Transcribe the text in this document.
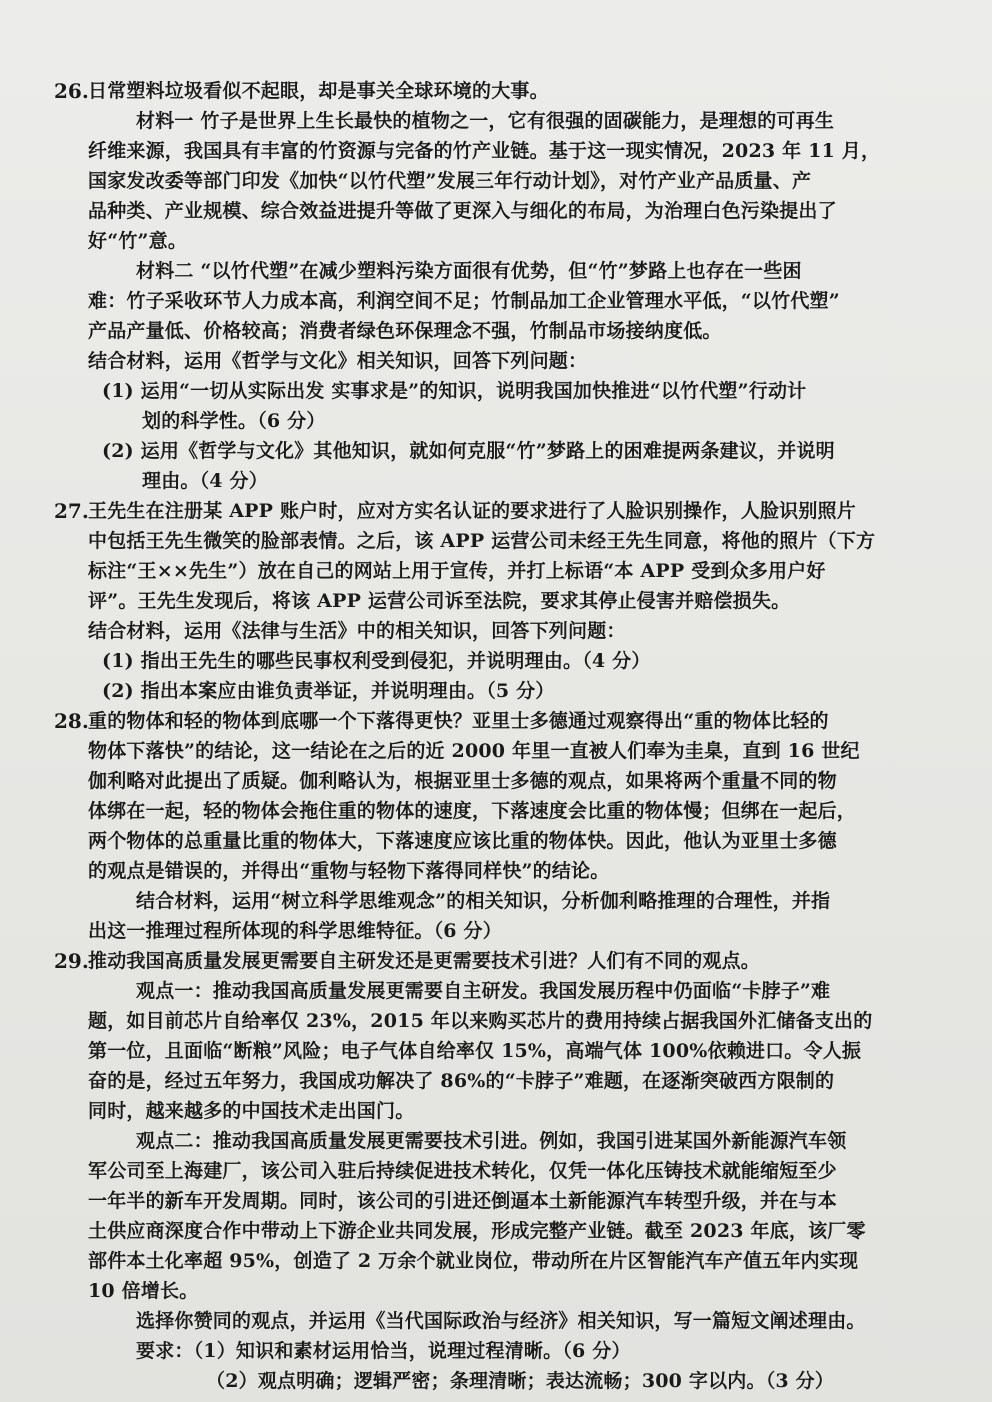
26. 日常塑料垃圾看似不起眼，却是事关全球环境的大事。
材料一 竹子是世界上生长最快的植物之一，它有很强的固碳能力，是理想的可再生
纤维来源，我国具有丰富的竹资源与完备的竹产业链。基于这一现实情况，2023 年 11 月，
国家发改委等部门印发《加快“以竹代塑”发展三年行动计划》，对竹产业产品质量、产
品种类、产业规模、综合效益进提升等做了更深入与细化的布局，为治理白色污染提出了
好“竹”意。
材料二 “以竹代塑”在减少塑料污染方面很有优势，但“竹”梦路上也存在一些困
难：竹子采收环节人力成本高，利润空间不足；竹制品加工企业管理水平低，“以竹代塑”
产品产量低、价格较高；消费者绿色环保理念不强，竹制品市场接纳度低。
结合材料，运用《哲学与文化》相关知识，回答下列问题：
(1) 运用“一切从实际出发 实事求是”的知识，说明我国加快推进“以竹代塑”行动计
划的科学性。（6 分）
(2) 运用《哲学与文化》其他知识，就如何克服“竹”梦路上的困难提两条建议，并说明
理由。（4 分）
27. 王先生在注册某 APP 账户时，应对方实名认证的要求进行了人脸识别操作，人脸识别照片
中包括王先生微笑的脸部表情。之后，该 APP 运营公司未经王先生同意，将他的照片（下方
标注“王××先生”）放在自己的网站上用于宣传，并打上标语“本 APP 受到众多用户好
评”。王先生发现后，将该 APP 运营公司诉至法院，要求其停止侵害并赔偿损失。
结合材料，运用《法律与生活》中的相关知识，回答下列问题：
(1) 指出王先生的哪些民事权利受到侵犯，并说明理由。（4 分）
(2) 指出本案应由谁负责举证，并说明理由。（5 分）
28. 重的物体和轻的物体到底哪一个下落得更快？亚里士多德通过观察得出“重的物体比轻的
物体下落快”的结论，这一结论在之后的近 2000 年里一直被人们奉为圭臬，直到 16 世纪
伽利略对此提出了质疑。伽利略认为，根据亚里士多德的观点，如果将两个重量不同的物
体绑在一起，轻的物体会拖住重的物体的速度，下落速度会比重的物体慢；但绑在一起后，
两个物体的总重量比重的物体大，下落速度应该比重的物体快。因此，他认为亚里士多德
的观点是错误的，并得出“重物与轻物下落得同样快”的结论。
结合材料，运用“树立科学思维观念”的相关知识，分析伽利略推理的合理性，并指
出这一推理过程所体现的科学思维特征。（6 分）
29. 推动我国高质量发展更需要自主研发还是更需要技术引进？人们有不同的观点。
观点一：推动我国高质量发展更需要自主研发。我国发展历程中仍面临“卡脖子”难
题，如目前芯片自给率仅 23%，2015 年以来购买芯片的费用持续占据我国外汇储备支出的
第一位，且面临“断粮”风险；电子气体自给率仅 15%，高端气体 100%依赖进口。令人振
奋的是，经过五年努力，我国成功解决了 86%的“卡脖子”难题，在逐渐突破西方限制的
同时，越来越多的中国技术走出国门。
观点二：推动我国高质量发展更需要技术引进。例如，我国引进某国外新能源汽车领
军公司至上海建厂，该公司入驻后持续促进技术转化，仅凭一体化压铸技术就能缩短至少
一年半的新车开发周期。同时，该公司的引进还倒逼本土新能源汽车转型升级，并在与本
土供应商深度合作中带动上下游企业共同发展，形成完整产业链。截至 2023 年底，该厂零
部件本土化率超 95%，创造了 2 万余个就业岗位，带动所在片区智能汽车产值五年内实现
10 倍增长。
选择你赞同的观点，并运用《当代国际政治与经济》相关知识，写一篇短文阐述理由。
要求：（1）知识和素材运用恰当，说理过程清晰。（6 分）
（2）观点明确；逻辑严密；条理清晰；表达流畅；300 字以内。（3 分）
